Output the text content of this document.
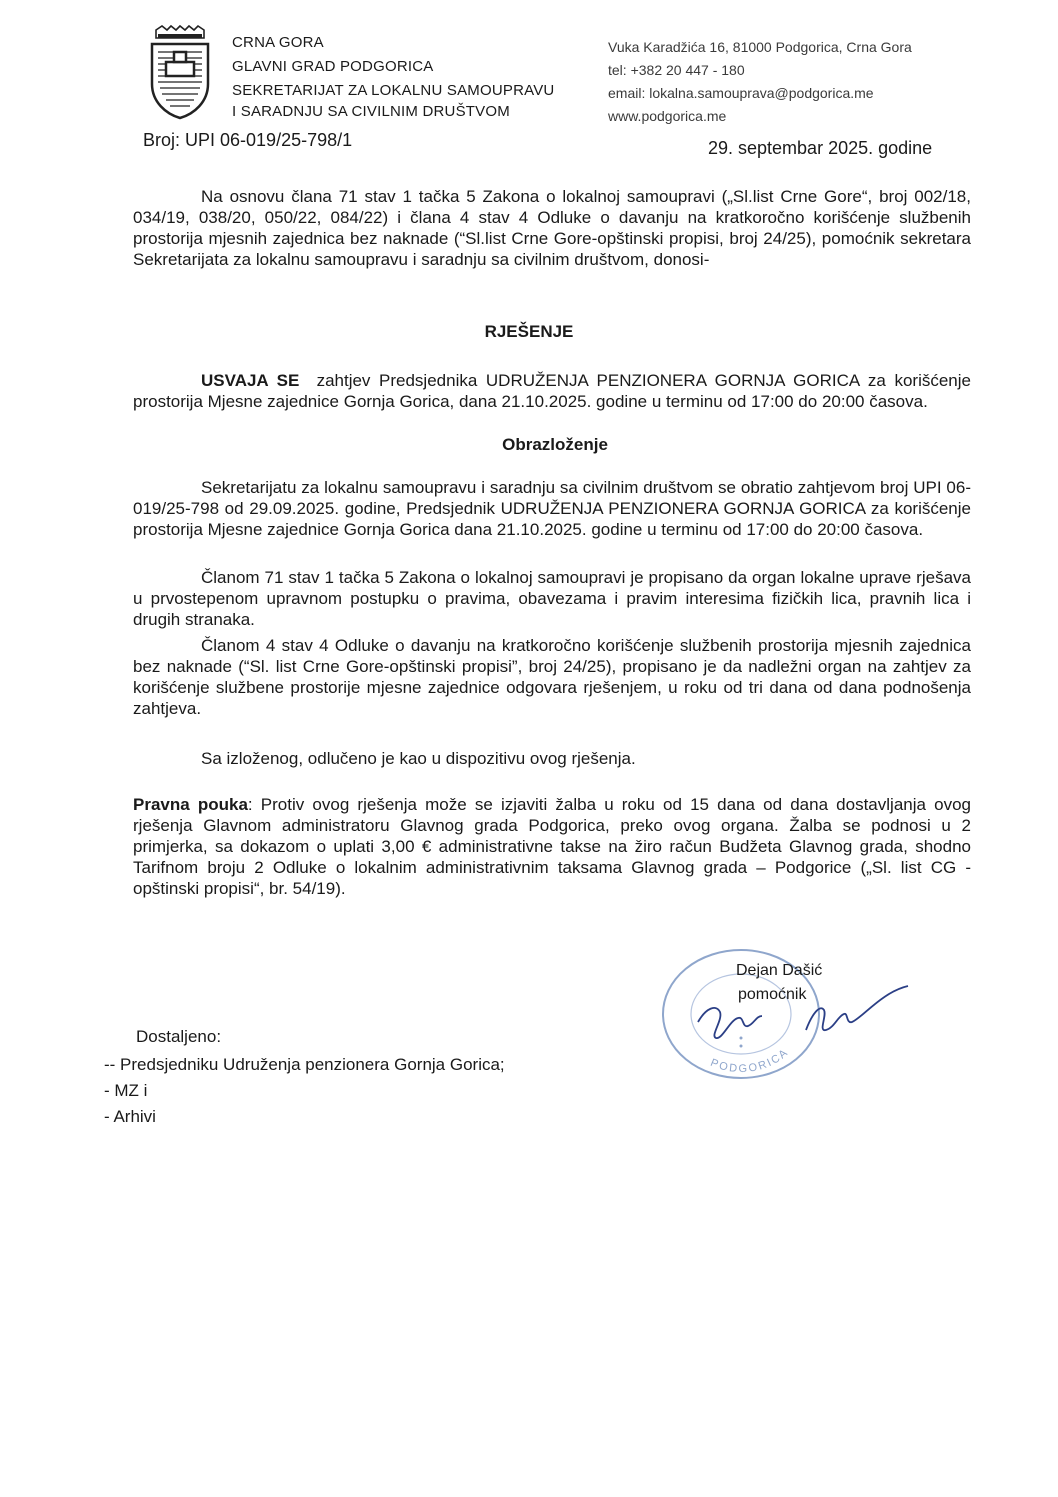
CRNA GORA
GLAVNI GRAD PODGORICA
SEKRETARIJAT ZA LOKALNU SAMOUPRAVU
I SARADNJU SA CIVILNIM DRUŠTVOM
Vuka Karadžića 16, 81000 Podgorica, Crna Gora
tel: +382 20 447 - 180
email: lokalna.samouprava@podgorica.me
www.podgorica.me
Broj: UPI 06-019/25-798/1	29. septembar 2025. godine
Na osnovu člana 71 stav 1 tačka 5 Zakona o lokalnoj samoupravi („Sl.list Crne Gore“, broj 002/18, 034/19, 038/20, 050/22, 084/22) i člana 4 stav 4 Odluke o davanju na kratkoročno korišćenje službenih prostorija mjesnih zajednica bez naknade (“Sl.list Crne Gore-opštinski propisi, broj 24/25), pomoćnik sekretara Sekretarijata za lokalnu samoupravu i saradnju sa civilnim društvom, donosi-
RJEŠENJE
USVAJA SE zahtjev Predsjednika UDRUŽENJA PENZIONERA GORNJA GORICA za korišćenje prostorija Mjesne zajednice Gornja Gorica, dana 21.10.2025. godine u terminu od 17:00 do 20:00 časova.
Obrazloženje
Sekretarijatu za lokalnu samoupravu i saradnju sa civilnim društvom se obratio zahtjevom broj UPI 06-019/25-798 od 29.09.2025. godine, Predsjednik UDRUŽENJA PENZIONERA GORNJA GORICA za korišćenje prostorija Mjesne zajednice Gornja Gorica dana 21.10.2025. godine u terminu od 17:00 do 20:00 časova.
Članom 71 stav 1 tačka 5 Zakona o lokalnoj samoupravi je propisano da organ lokalne uprave rješava u prvostepenom upravnom postupku o pravima, obavezama i pravim interesima fizičkih lica, pravnih lica i drugih stranaka.
Članom 4 stav 4 Odluke o davanju na kratkoročno korišćenje službenih prostorija mjesnih zajednica bez naknade (“Sl. list Crne Gore-opštinski propisi”, broj 24/25), propisano je da nadležni organ na zahtjev za korišćenje službene prostorije mjesne zajednice odgovara rješenjem, u roku od tri dana od dana podnošenja zahtjeva.
Sa izloženog, odlučeno je kao u dispozitivu ovog rješenja.
Pravna pouka: Protiv ovog rješenja može se izjaviti žalba u roku od 15 dana od dana dostavljanja ovog rješenja Glavnom administratoru Glavnog grada Podgorica, preko ovog organa. Žalba se podnosi u 2 primjerka, sa dokazom o uplati 3,00 € administrativne takse na žiro račun Budžeta Glavnog grada, shodno Tarifnom broju 2 Odluke o lokalnim administrativnim taksama Glavnog grada – Podgorice („Sl. list CG - opštinski propisi“, br. 54/19).
PODGORICA
Dejan Dašić
pomoćnik
Dostaljeno:
-- Predsjedniku Udruženja penzionera Gornja Gorica;
- MZ i
- Arhivi
